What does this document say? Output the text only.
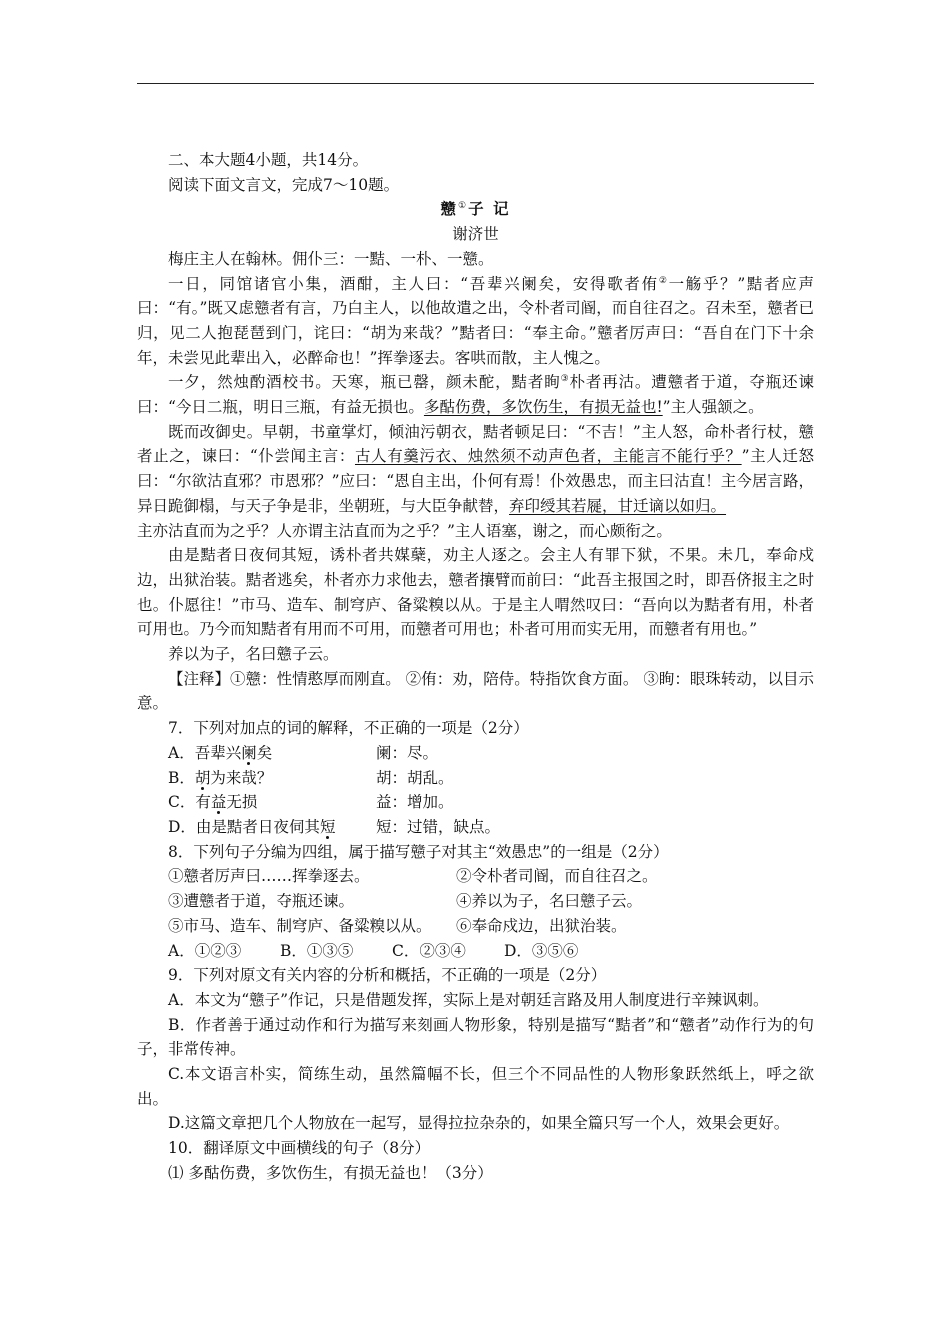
二、本大题4小题，共14分。

阅读下面文言文，完成7～10题。

戆①子 记

谢济世

梅庄主人在翰林。佣仆三：一黠、一朴、一戆。

一日，同馆诸官小集，酒酣，主人曰：“吾辈兴阑矣，安得歌者侑②一觞乎？”黠者应声曰：“有。”既又虑戆者有言，乃白主人，以他故遣之出，令朴者司阍，而自往召之。召未至，戆者已归，见二人抱琵琶到门，诧曰：“胡为来哉？”黠者曰：“奉主命。”戆者厉声曰：“吾自在门下十余年，未尝见此辈出入，必醉命也！”挥拳逐去。客哄而散，主人愧之。

一夕，然烛酌酒校书。天寒，瓶已罄，颜未酡，黠者眴③朴者再沽。遭戆者于道，夺瓶还谏曰：“今日二瓶，明日三瓶，有益无损也。多酤伤费，多饮伤生，有损无益也!”主人强颔之。

既而改御史。早朝，书童掌灯，倾油污朝衣，黠者顿足曰：“不吉！”主人怒，命朴者行杖，戆者止之，谏曰：“仆尝闻主言：古人有羹污衣、烛然须不动声色者，主能言不能行乎？”主人迁怒曰：“尔欲沽直邪？市恩邪？”应曰：“恩自主出，仆何有焉！仆效愚忠，而主曰沽直！主今居言路，异日跪御榻，与天子争是非，坐朝班，与大臣争献替，弃印绶其若屣，甘迁谪以如归。
主亦沽直而为之乎？人亦谓主沽直而为之乎？”主人语塞，谢之，而心颇衔之。

由是黠者日夜伺其短，诱朴者共媒蘖，劝主人逐之。会主人有罪下狱，不果。未几，奉命戍边，出狱治装。黠者逃矣，朴者亦力求他去，戆者攘臂而前曰：“此吾主报国之时，即吾侪报主之时也。仆愿往！”市马、造车、制穹庐、备粱糗以从。于是主人喟然叹曰：“吾向以为黠者有用，朴者可用也。乃今而知黠者有用而不可用，而戆者可用也；朴者可用而实无用，而戆者有用也。”

养以为子，名曰戆子云。

【注释】①戆：性情憨厚而刚直。 ②侑：劝，陪侍。特指饮食方面。 ③眴：眼珠转动，以目示意。

7．下列对加点的词的解释，不正确的一项是（2分）

A．吾辈兴阑矣	阑：尽。
B．胡为来哉？	胡：胡乱。
C．有益无损	益：增加。
D．由是黠者日夜伺其短	短：过错，缺点。

8．下列句子分编为四组，属于描写戆子对其主“效愚忠”的一组是（2分）

①戆者厉声曰……挥拳逐去。	②令朴者司阍，而自往召之。
③遭戆者于道，夺瓶还谏。	④养以为子，名曰戆子云。
⑤市马、造车、制穹庐、备粱糗以从。	⑥奉命戍边，出狱治装。
A．①②③	B．①③⑤ C．②③④ D．③⑤⑥

9．下列对原文有关内容的分析和概括，不正确的一项是（2分）

A．本文为“戆子”作记，只是借题发挥，实际上是对朝廷言路及用人制度进行辛辣讽刺。

B．作者善于通过动作和行为描写来刻画人物形象，特别是描写“黠者”和“戆者”动作行为的句子，非常传神。

C.本文语言朴实，简练生动，虽然篇幅不长，但三个不同品性的人物形象跃然纸上，呼之欲出。

D.这篇文章把几个人物放在一起写，显得拉拉杂杂的，如果全篇只写一个人，效果会更好。

10．翻译原文中画横线的句子（8分）

⑴ 多酤伤费，多饮伤生，有损无益也！（3分）
